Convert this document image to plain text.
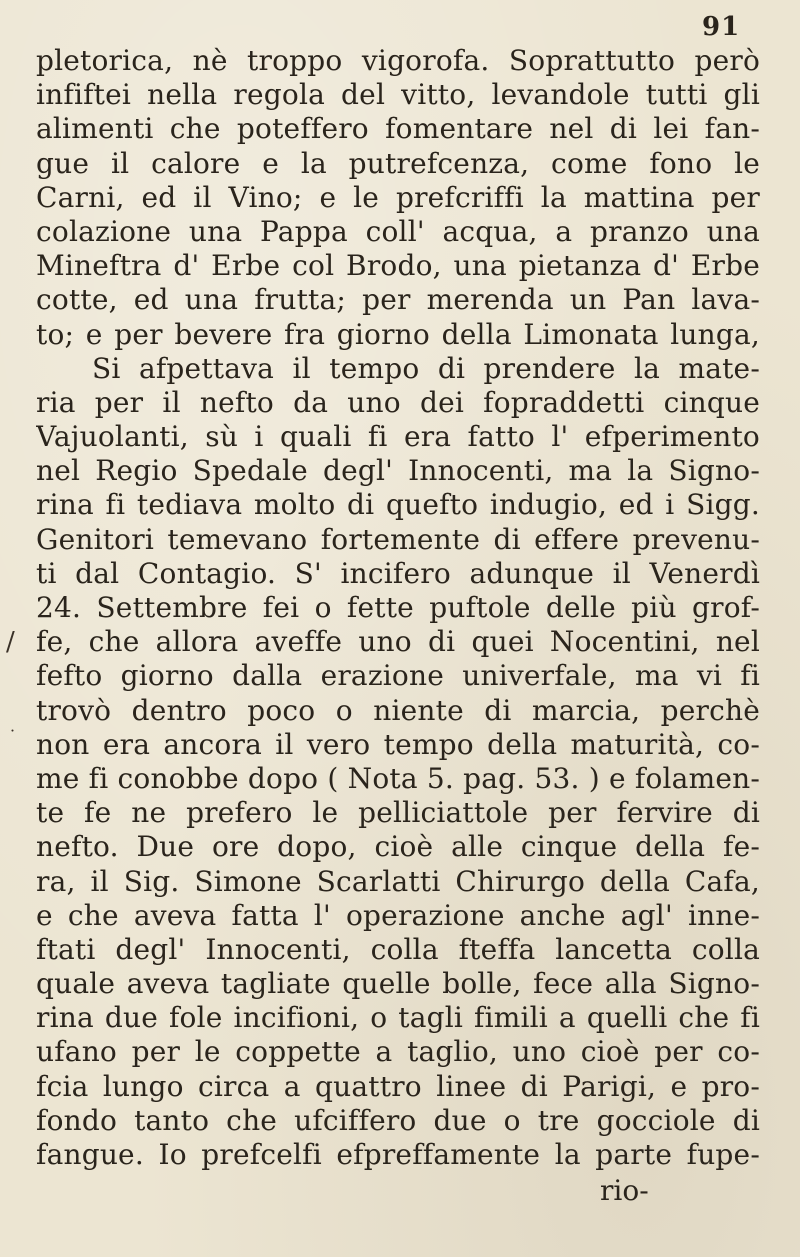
91
pletorica, nè troppo vigorofa. Soprattutto però
infiftei nella regola del vitto, levandole tutti gli
alimenti che poteffero fomentare nel di lei fan-
gue il calore e la putrefcenza, come fono le
Carni, ed il Vino; e le prefcriffi la mattina per
colazione una Pappa coll' acqua, a pranzo una
Mineftra d' Erbe col Brodo, una pietanza d' Erbe
cotte, ed una frutta; per merenda un Pan lava-
to; e per bevere fra giorno della Limonata lunga,
Si afpettava il tempo di prendere la mate-
ria per il nefto da uno dei fopraddetti cinque
Vajuolanti, sù i quali fi era fatto l' efperimento
nel Regio Spedale degl' Innocenti, ma la Signo-
rina fi tediava molto di quefto indugio, ed i Sigg.
Genitori temevano fortemente di effere prevenu-
ti dal Contagio. S' incifero adunque il Venerdì
24. Settembre fei o fette puftole delle più grof-
fe, che allora aveffe uno di quei Nocentini, nel
fefto giorno dalla erazione univerfale, ma vi fi
trovò dentro poco o niente di marcia, perchè
non era ancora il vero tempo della maturità, co-
me fi conobbe dopo ( Nota 5. pag. 53. ) e folamen-
te fe ne prefero le pelliciattole per fervire di
nefto. Due ore dopo, cioè alle cinque della fe-
ra, il Sig. Simone Scarlatti Chirurgo della Cafa,
e che aveva fatta l' operazione anche agl' inne-
ftati degl' Innocenti, colla fteffa lancetta colla
quale aveva tagliate quelle bolle, fece alla Signo-
rina due fole incifioni, o tagli fimili a quelli che fi
ufano per le coppette a taglio, uno cioè per co-
fcia lungo circa a quattro linee di Parigi, e pro-
fondo tanto che ufciffero due o tre gocciole di
fangue. Io prefcelfi efpreffamente la parte fupe-
/
˙
rio-
